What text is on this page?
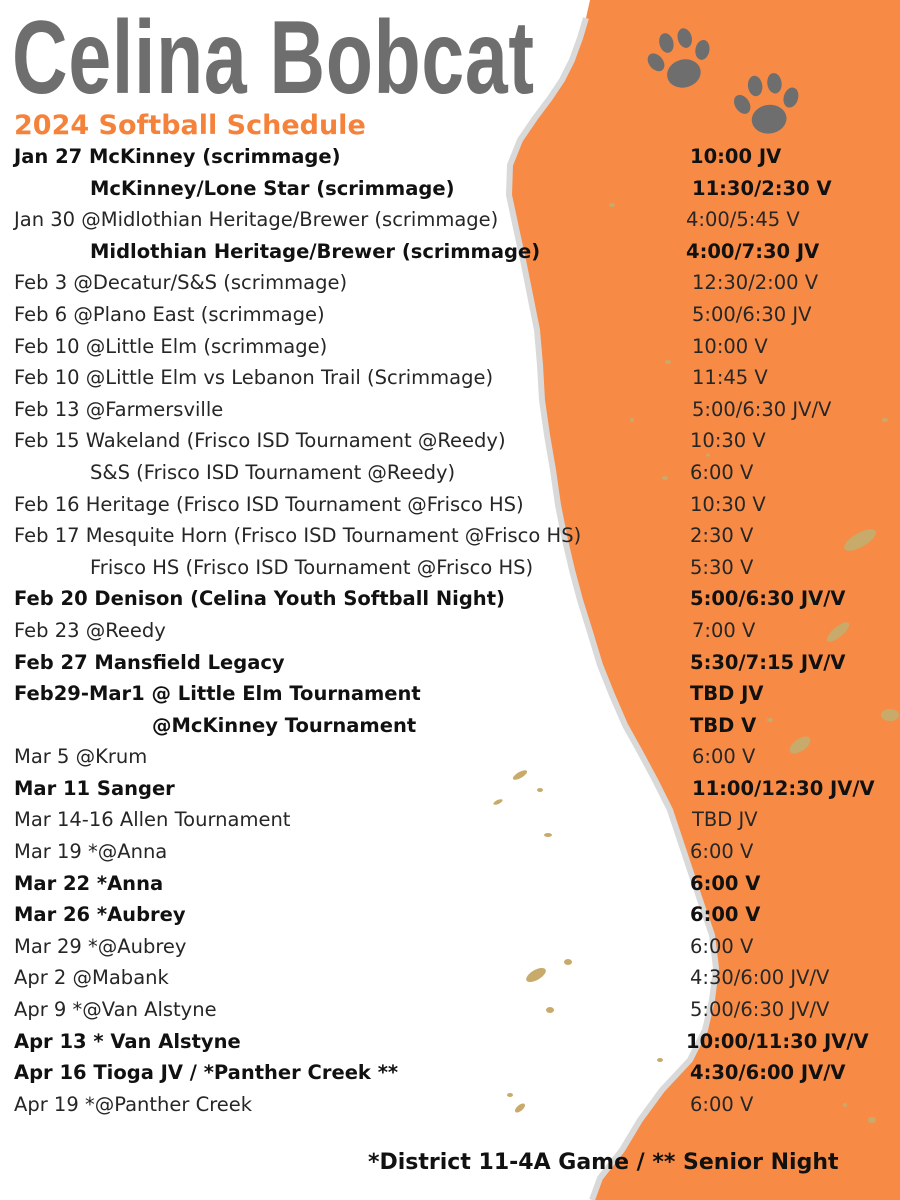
Celina Bobcat
2024 Softball Schedule
Jan 27 McKinney (scrimmage)	10:00 JV
McKinney/Lone Star (scrimmage)	11:30/2:30 V
Jan 30 @Midlothian Heritage/Brewer (scrimmage)	4:00/5:45 V
Midlothian Heritage/Brewer (scrimmage)	4:00/7:30 JV
Feb 3 @Decatur/S&S (scrimmage)	12:30/2:00 V
Feb 6 @Plano East (scrimmage)	5:00/6:30 JV
Feb 10 @Little Elm (scrimmage)	10:00 V
Feb 10 @Little Elm vs Lebanon Trail (Scrimmage)	11:45 V
Feb 13 @Farmersville	5:00/6:30 JV/V
Feb 15 Wakeland (Frisco ISD Tournament @Reedy)	10:30 V
S&S (Frisco ISD Tournament @Reedy)	6:00 V
Feb 16 Heritage (Frisco ISD Tournament @Frisco HS)	10:30 V
Feb 17 Mesquite Horn (Frisco ISD Tournament @Frisco HS)	2:30 V
Frisco HS (Frisco ISD Tournament @Frisco HS)	5:30 V
Feb 20 Denison (Celina Youth Softball Night)	5:00/6:30 JV/V
Feb 23 @Reedy	7:00 V
Feb 27 Mansfield Legacy	5:30/7:15 JV/V
Feb29-Mar1 @ Little Elm Tournament	TBD JV
@McKinney Tournament	TBD V
Mar 5 @Krum	6:00 V
Mar 11 Sanger	11:00/12:30 JV/V
Mar 14-16 Allen Tournament	TBD JV
Mar 19 *@Anna	6:00 V
Mar 22 *Anna	6:00 V
Mar 26 *Aubrey	6:00 V
Mar 29 *@Aubrey	6:00 V
Apr 2 @Mabank	4:30/6:00 JV/V
Apr 9 *@Van Alstyne	5:00/6:30 JV/V
Apr 13 * Van Alstyne	10:00/11:30 JV/V
Apr 16 Tioga JV / *Panther Creek **	4:30/6:00 JV/V
Apr 19 *@Panther Creek	6:00 V
*District 11-4A Game / ** Senior Night
